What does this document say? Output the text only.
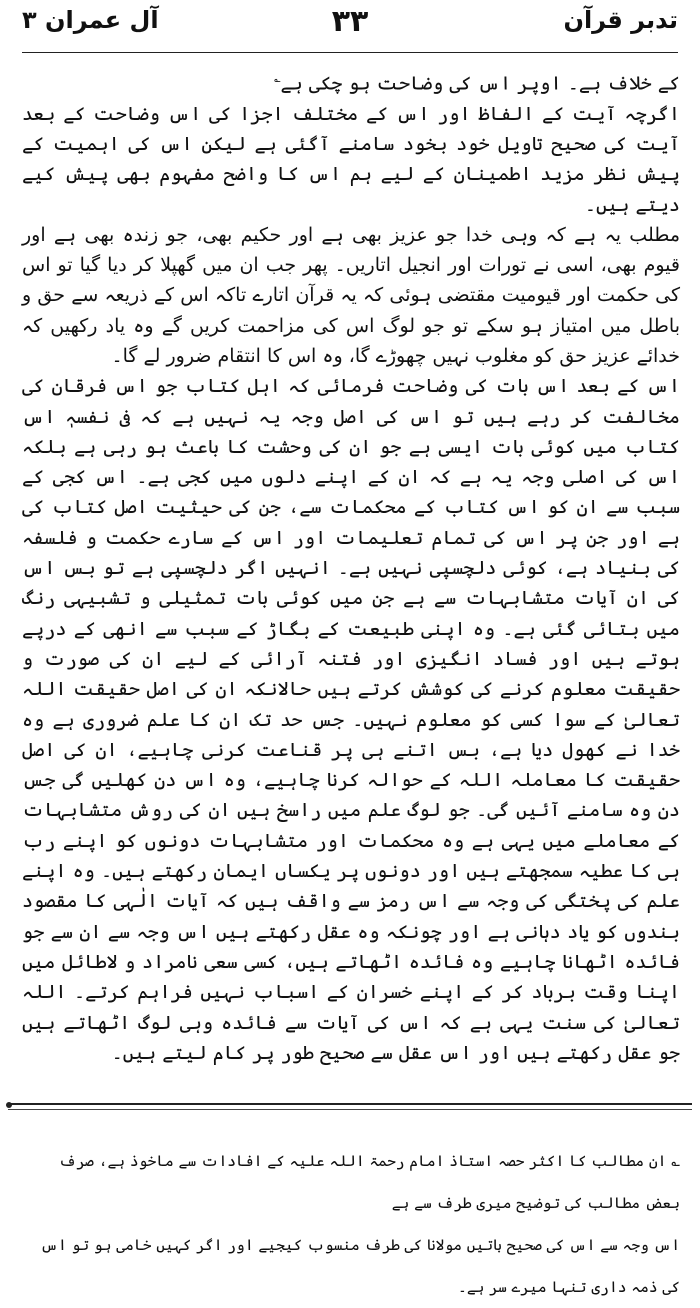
تدبر قرآن
۳۳
آل عمران ۳

کے خلاف ہے۔ اوپر اس کی وضاحت ہو چکی ہے؎

اگرچہ آیت کے الفاظ اور اس کے مختلف اجزا کی اس وضاحت کے بعد آیت کی صحیح تاویل خود بخود سامنے آگئی ہے لیکن اس کی اہمیت کے پیش نظر مزید اطمینان کے لیے ہم اس کا واضح مفہوم بھی پیش کیے دیتے ہیں۔

مطلب یہ ہے کہ وہی خدا جو عزیز بھی ہے اور حکیم بھی، جو زندہ بھی ہے اور قیوم بھی، اسی نے تورات اور انجیل اتاریں۔ پھر جب ان میں گھپلا کر دیا گیا تو اس کی حکمت اور قیومیت مقتضی ہوئی کہ یہ قرآن اتارے تاکہ اس کے ذریعہ سے حق و باطل میں امتیاز ہو سکے تو جو لوگ اس کی مزاحمت کریں گے وہ یاد رکھیں کہ خدائے عزیز حق کو مغلوب نہیں چھوڑے گا، وہ اس کا انتقام ضرور لے گا۔

اس کے بعد اس بات کی وضاحت فرمائی کہ اہل کتاب جو اس فرقان کی مخالفت کر رہے ہیں تو اس کی اصل وجہ یہ نہیں ہے کہ فی نفسہٖ اس کتاب میں کوئی بات ایسی ہے جو ان کی وحشت کا باعث ہو رہی ہے بلکہ اس کی اصلی وجہ یہ ہے کہ ان کے اپنے دلوں میں کجی ہے۔ اس کجی کے سبب سے ان کو اس کتاب کے محکمات سے، جن کی حیثیت اصل کتاب کی ہے اور جن پر اس کی تمام تعلیمات اور اس کے سارے حکمت و فلسفہ کی بنیاد ہے، کوئی دلچسپی نہیں ہے۔ انہیں اگر دلچسپی ہے تو بس اس کی ان آیات متشابہات سے ہے جن میں کوئی بات تمثیلی و تشبیہی رنگ میں بتائی گئی ہے۔ وہ اپنی طبیعت کے بگاڑ کے سبب سے انھی کے درپے ہوتے ہیں اور فساد انگیزی اور فتنہ آرائی کے لیے ان کی صورت و حقیقت معلوم کرنے کی کوشش کرتے ہیں حالانکہ ان کی اصل حقیقت اللہ تعالیٰ کے سوا کسی کو معلوم نہیں۔ جس حد تک ان کا علم ضروری ہے وہ خدا نے کھول دیا ہے، بس اتنے ہی پر قناعت کرنی چاہیے، ان کی اصل حقیقت کا معاملہ اللہ کے حوالہ کرنا چاہیے، وہ اس دن کھلیں گی جس دن وہ سامنے آئیں گی۔ جو لوگ علم میں راسخ ہیں ان کی روش متشابہات کے معاملے میں یہی ہے وہ محکمات اور متشابہات دونوں کو اپنے رب ہی کا عطیہ سمجھتے ہیں اور دونوں پر یکساں ایمان رکھتے ہیں۔ وہ اپنے علم کی پختگی کی وجہ سے اس رمز سے واقف ہیں کہ آیات الٰہی کا مقصود بندوں کو یاد دہانی ہے اور چونکہ وہ عقل رکھتے ہیں اس وجہ سے ان سے جو فائدہ اٹھانا چاہیے وہ فائدہ اٹھاتے ہیں، کسی سعی نامراد و لاطائل میں اپنا وقت برباد کر کے اپنے خسران کے اسباب نہیں فراہم کرتے۔ اللہ تعالیٰ کی سنت یہی ہے کہ اس کی آیات سے فائدہ وہی لوگ اٹھاتے ہیں جو عقل رکھتے ہیں اور اس عقل سے صحیح طور پر کام لیتے ہیں۔

؎ ان مطالب کا اکثر حصہ استاذ امام رحمۃ اللہ علیہ کے افادات سے ماخوذ ہے، صرف بعض مطالب کی توضیح میری طرف سے ہے

اس وجہ سے اس کی صحیح باتیں مولانا کی طرف منسوب کیجیے اور اگر کہیں خامی ہو تو اس کی ذمہ داری تنہا میرے سر ہے۔
